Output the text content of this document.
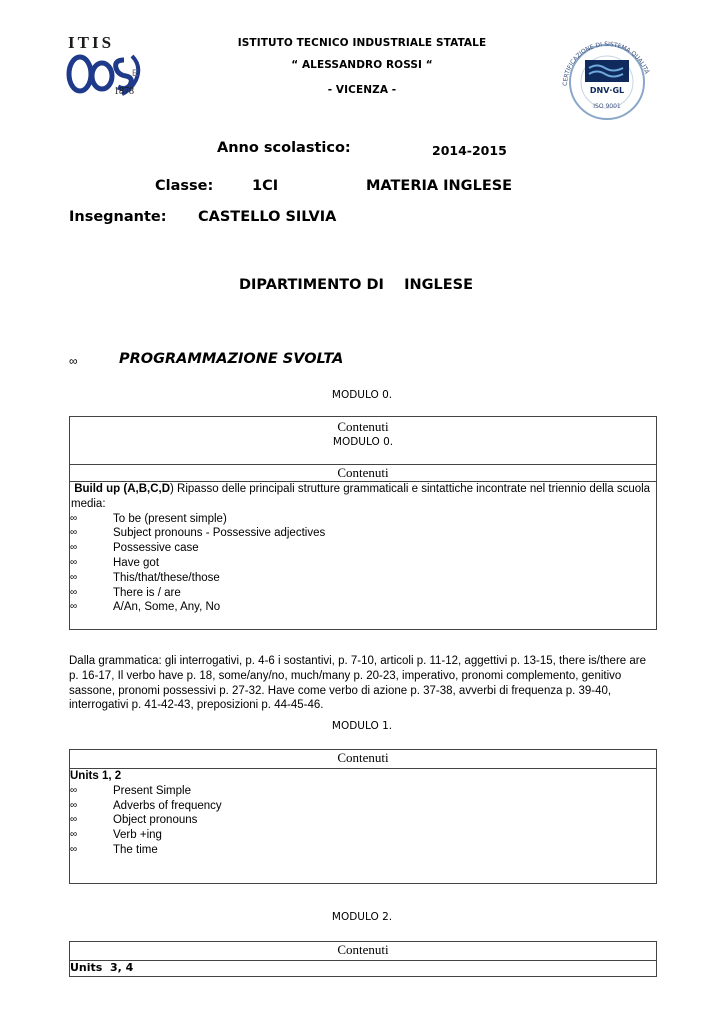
ITIS
E
1878
ISTITUTO TECNICO INDUSTRIALE STATALE
“ ALESSANDRO ROSSI “
- VICENZA -
CERTIFICAZIONE DI SISTEMA QUALITÀ
DNV·GL
ISO 9001
Anno scolastico:	2014-2015
Classe:	1CI	MATERIA INGLESE
Insegnante: CASTELLO SILVIA
DIPARTIMENTO DI    INGLESE
∞	PROGRAMMAZIONE SVOLTA
MODULO 0.
Contenuti
MODULO 0.

Contenuti

Build up (A,B,C,D) Ripasso delle principali strutture grammaticali e sintattiche incontrate nel triennio della scuola media:
∞	To be (present simple)
∞	Subject pronouns - Possessive adjectives
∞	Possessive case
∞	Have got
∞	This/that/these/those
∞	There is / are
∞	A/An, Some, Any, No
Dalla grammatica: gli interrogativi, p. 4-6 i sostantivi, p. 7-10, articoli p. 11-12, aggettivi p. 13-15, there is/there are p. 16-17, Il verbo have p. 18, some/any/no, much/many p. 20-23, imperativo, pronomi complemento, genitivo sassone, pronomi possessivi p. 27-32. Have come verbo di azione p. 37-38, avverbi di frequenza p. 39-40, interrogativi p. 41-42-43, preposizioni p. 44-45-46.
MODULO 1.
Contenuti

Units 1, 2
∞	Present Simple
∞	Adverbs of frequency
∞	Object pronouns
∞	Verb +ing
∞	The time
MODULO 2.
Contenuti

Units  3, 4
